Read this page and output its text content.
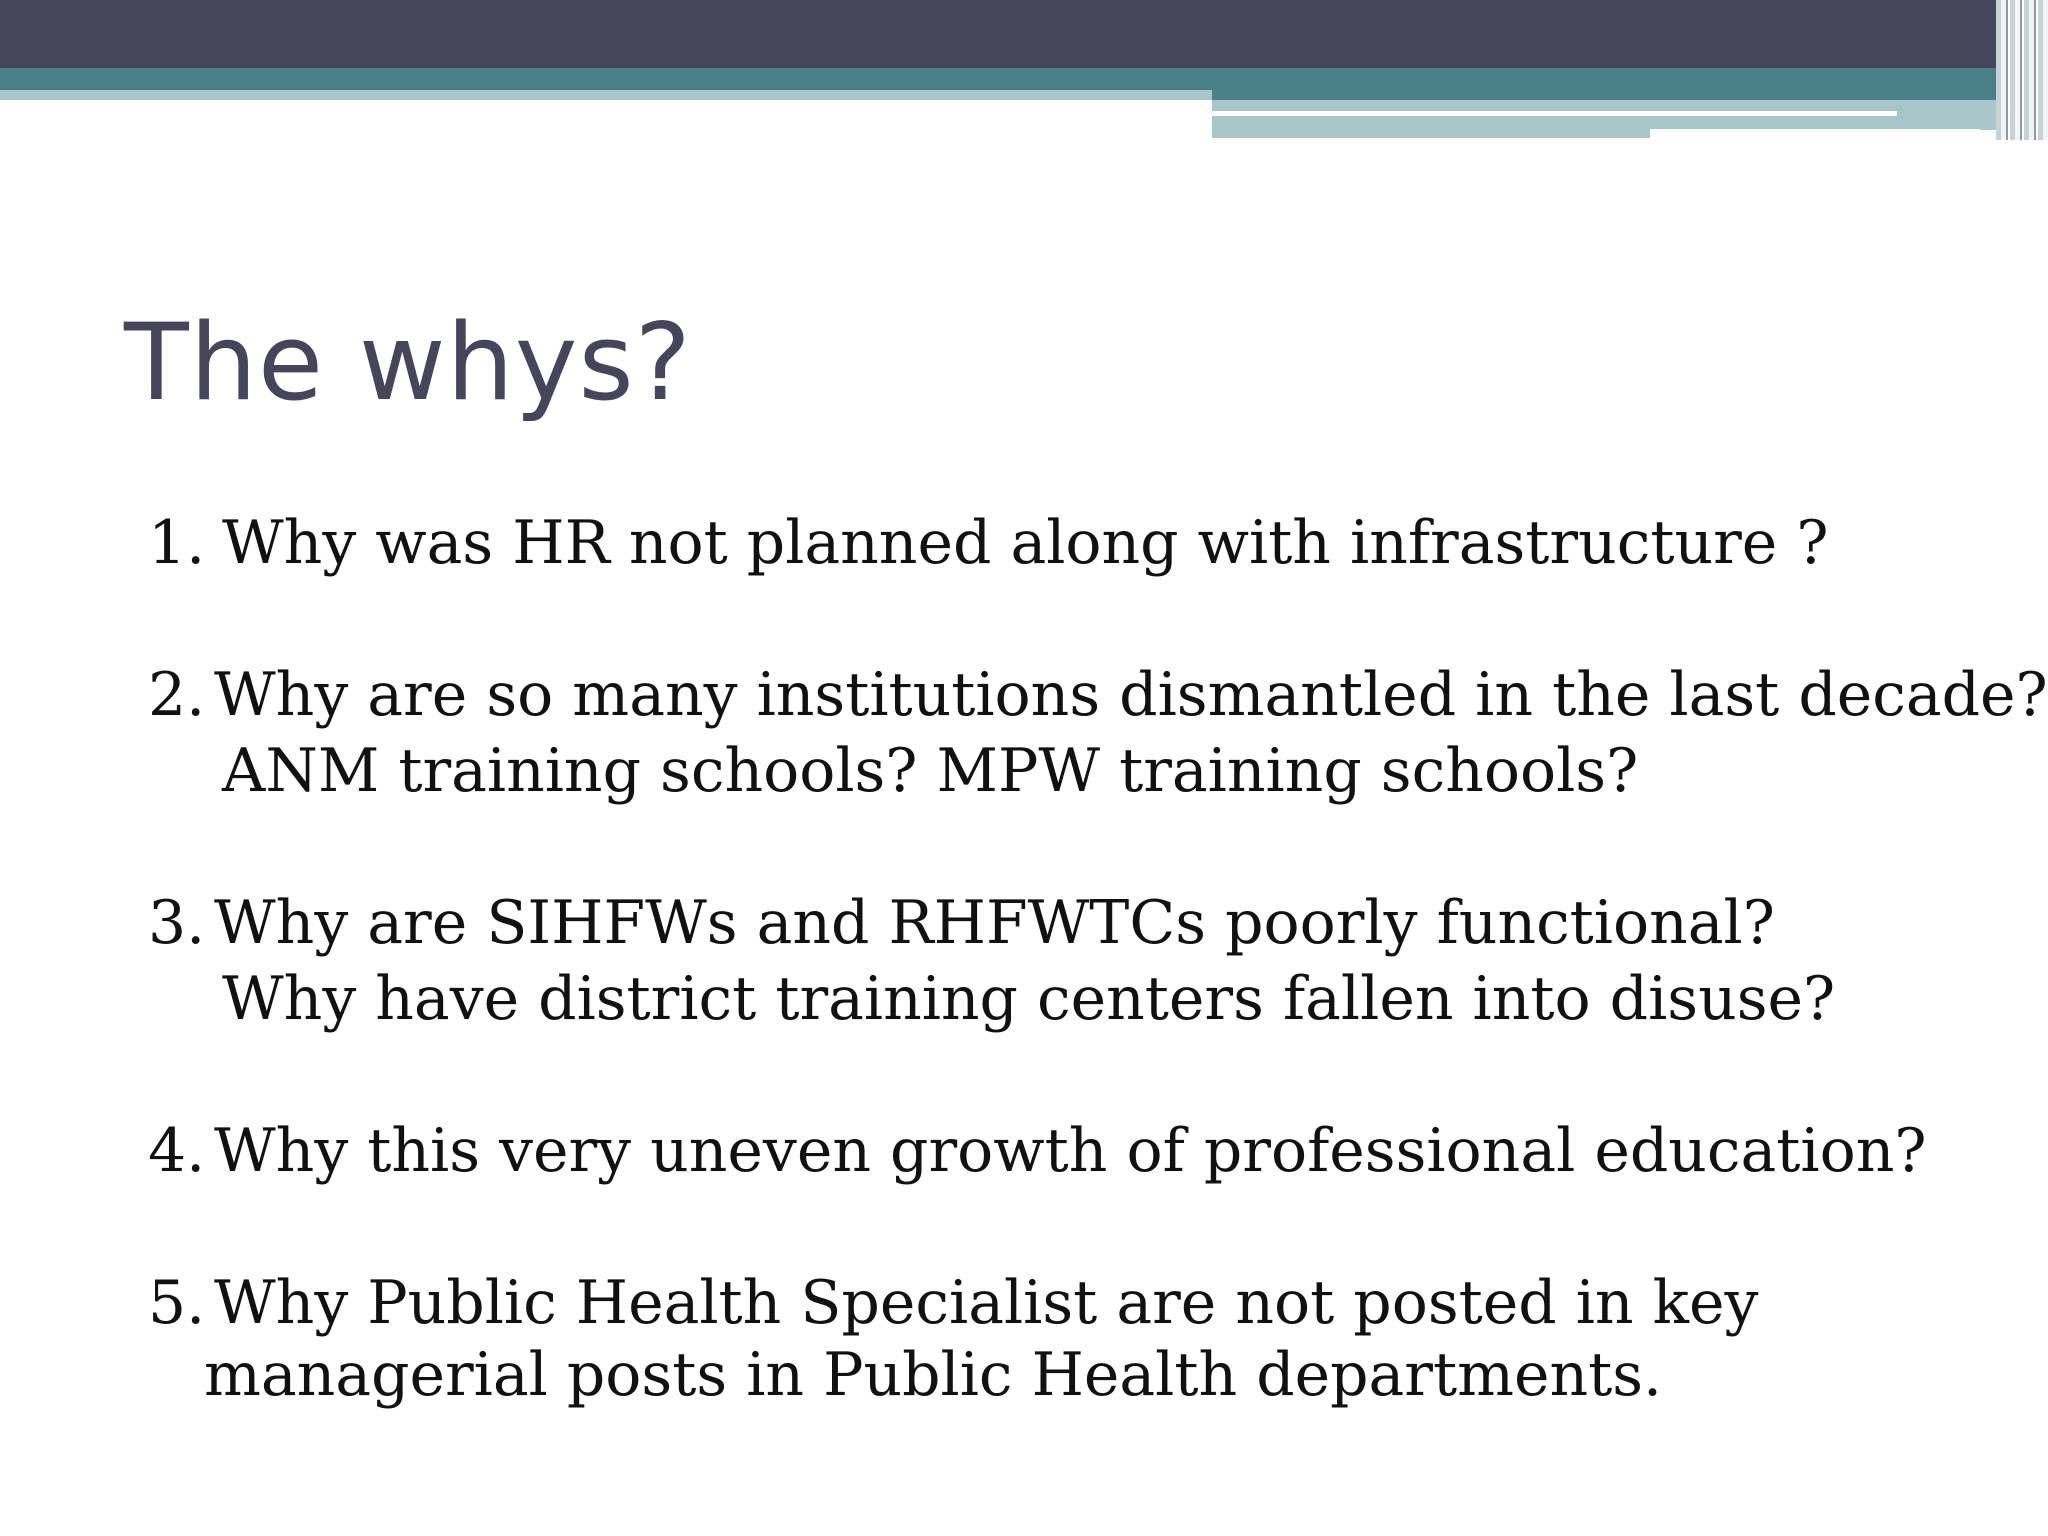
The whys?
1. Why was HR not planned along with infrastructure ?
2. Why are so many institutions dismantled in the last decade?
ANM training schools? MPW training schools?
3. Why are SIHFWs and RHFWTCs poorly functional?
Why have district training centers fallen into disuse?
4. Why this very uneven growth of professional education?
5. Why Public Health Specialist are not posted in key
managerial posts in Public Health departments.
